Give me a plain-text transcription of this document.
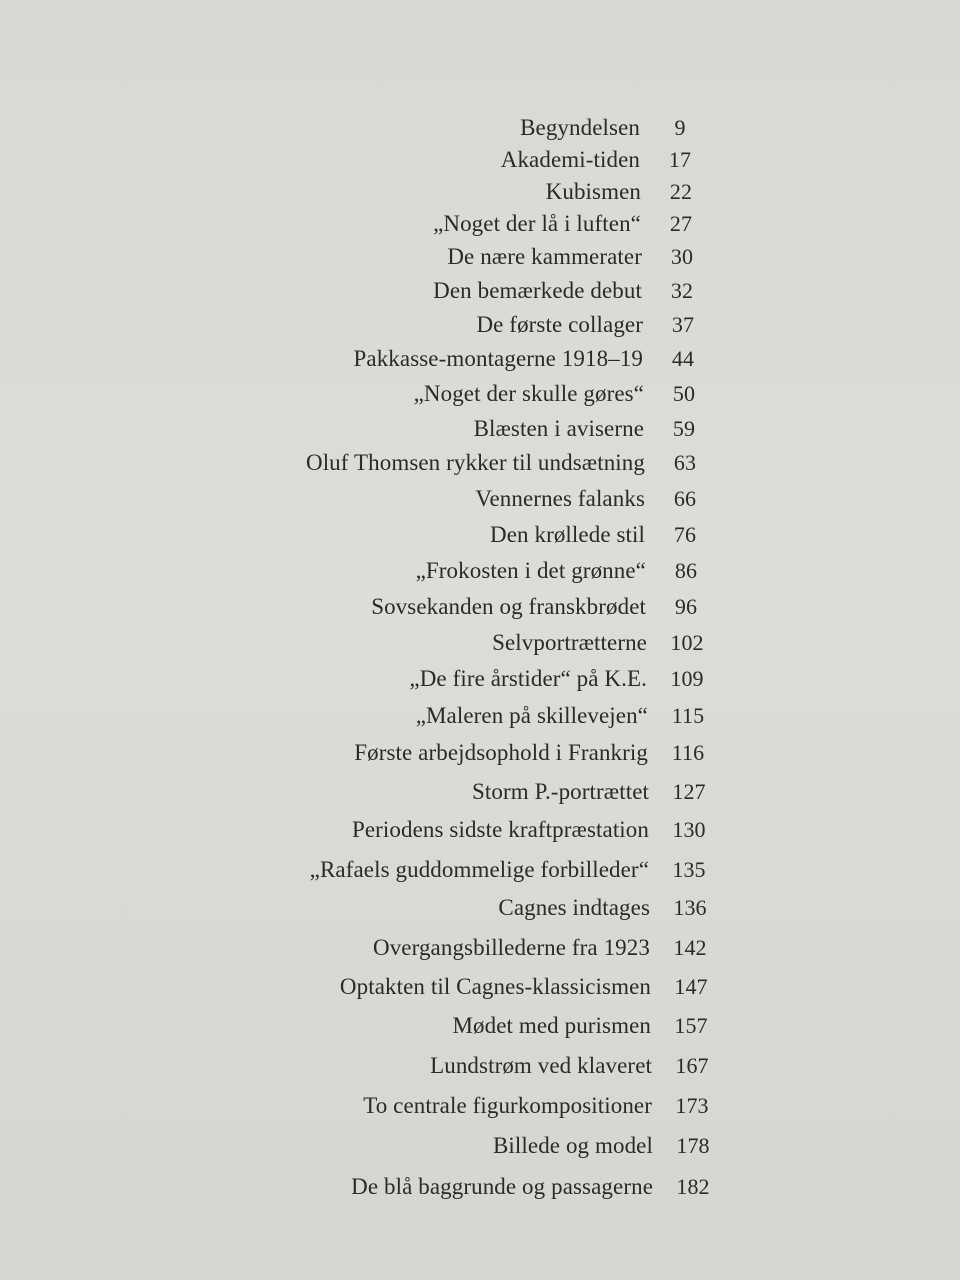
Begyndelsen	9
Akademi-tiden	17
Kubismen	22
„Noget der lå i luften“	27
De nære kammerater	30
Den bemærkede debut	32
De første collager	37
Pakkasse-montagerne 1918–19	44
„Noget der skulle gøres“	50
Blæsten i aviserne	59
Oluf Thomsen rykker til undsætning	63
Vennernes falanks	66
Den krøllede stil	76
„Frokosten i det grønne“	86
Sovsekanden og franskbrødet	96
Selvportrætterne	102
„De fire årstider“ på K.E.	109
„Maleren på skillevejen“	115
Første arbejdsophold i Frankrig	116
Storm P.-portrættet	127
Periodens sidste kraftpræstation	130
„Rafaels guddommelige forbilleder“	135
Cagnes indtages	136
Overgangsbillederne fra 1923	142
Optakten til Cagnes-klassicismen	147
Mødet med purismen	157
Lundstrøm ved klaveret	167
To centrale figurkompositioner	173
Billede og model	178
De blå baggrunde og passagerne	182
